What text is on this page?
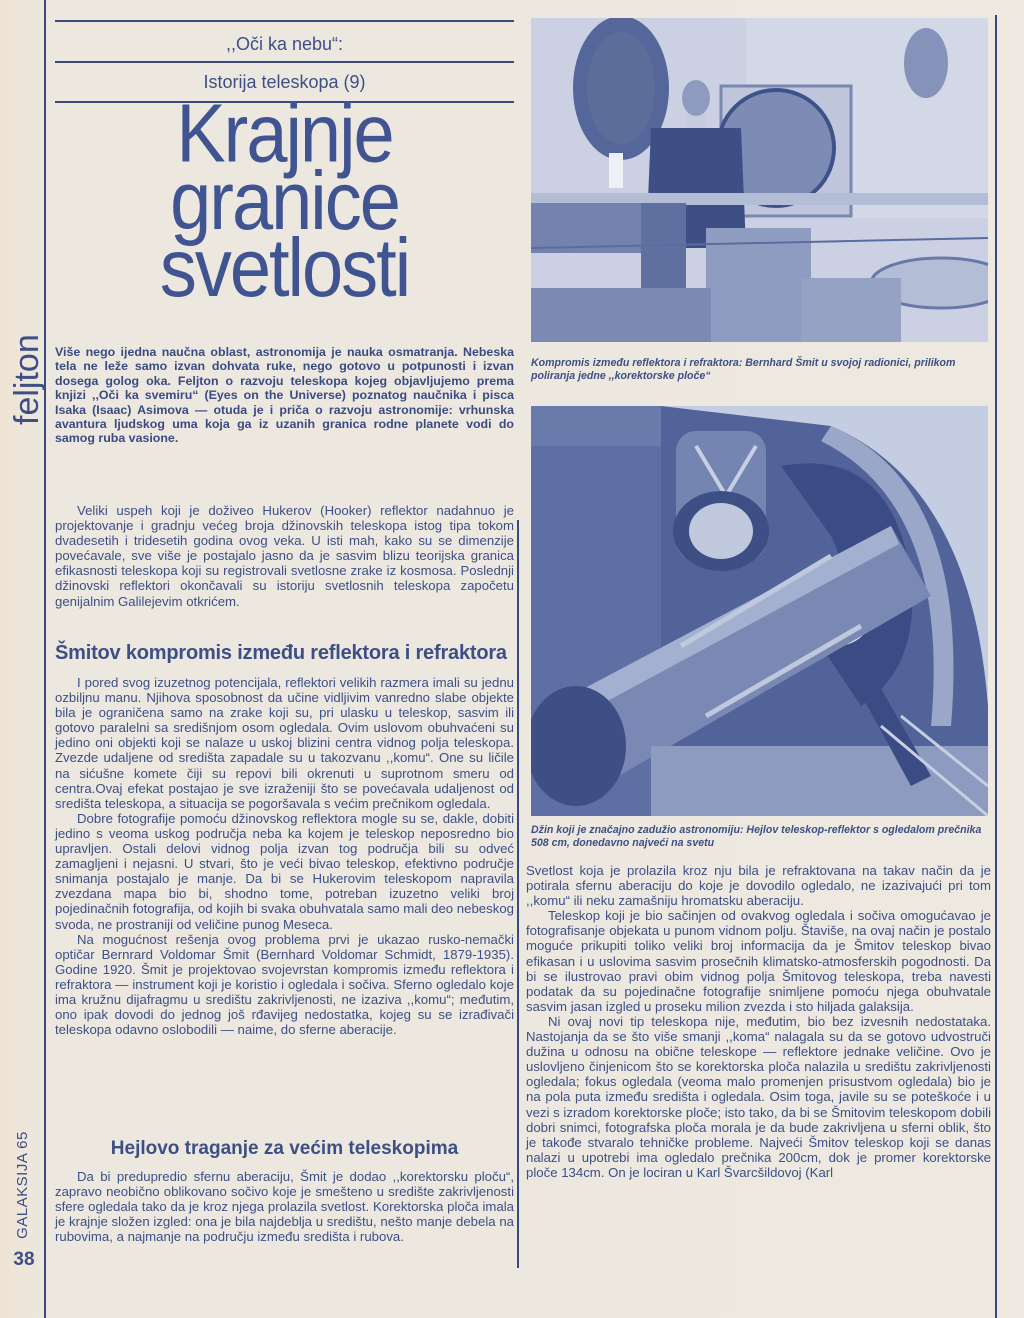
feljton
GALAKSIJA 65
38
,,Oči ka nebu“:
Istorija teleskopa (9)
Krajnje
granice
svetlosti

Više nego ijedna naučna oblast, astronomija je nauka osmatranja. Nebeska tela ne leže samo izvan dohvata ruke, nego gotovo u potpunosti i izvan dosega golog oka. Feljton o razvoju teleskopa kojeg objavljujemo prema knjizi ,,Oči ka svemiru“ (Eyes on the Universe) poznatog naučnika i pisca Isaka (Isaac) Asimova — otuda je i priča o razvoju astronomije: vrhunska avantura ljudskog uma koja ga iz uzanih granica rodne planete vodi do samog ruba vasione.

Veliki uspeh koji je doživeo Hukerov (Hooker) reflektor nadahnuo je projektovanje i gradnju većeg broja džinovskih teleskopa istog tipa tokom dvadesetih i tridesetih godina ovog veka. U isti mah, kako su se dimenzije povećavale, sve više je postajalo jasno da je sasvim blizu teorijska granica efikasnosti teleskopa koji su registrovali svetlosne zrake iz kosmosa. Poslednji džinovski reflektori okončavali su istoriju svetlosnih teleskopa započetu genijalnim Galilejevim otkrićem.

Šmitov kompromis između reflektora i refraktora

I pored svog izuzetnog potencijala, reflektori velikih razmera imali su jednu ozbiljnu manu. Njihova sposobnost da učine vidljivim vanredno slabe objekte bila je ograničena samo na zrake koji su, pri ulasku u teleskop, sasvim ili gotovo paralelni sa središnjom osom ogledala. Ovim uslovom obuhvaćeni su jedino oni objekti koji se nalaze u uskoj blizini centra vidnog polja teleskopa. Zvezde udaljene od središta zapadale su u takozvanu ,,komu“. One su ličile na sićušne komete čiji su repovi bili okrenuti u suprotnom smeru od centra.Ovaj efekat postajao je sve izraženiji što se povećavala udaljenost od središta teleskopa, a situacija se pogoršavala s većim prečnikom ogledala.

Dobre fotografije pomoću džinovskog reflektora mogle su se, dakle, dobiti jedino s veoma uskog područja neba ka kojem je teleskop neposredno bio upravljen. Ostali delovi vidnog polja izvan tog područja bili su odveć zamagljeni i nejasni. U stvari, što je veći bivao teleskop, efektivno područje snimanja postajalo je manje. Da bi se Hukerovim teleskopom napravila zvezdana mapa bio bi, shodno tome, potreban izuzetno veliki broj pojedinačnih fotografija, od kojih bi svaka obuhvatala samo mali deo nebeskog svoda, ne prostraniji od veličine punog Meseca.

Na mogućnost rešenja ovog problema prvi je ukazao rusko-nemački optičar Bernrard Voldomar Šmit (Bernhard Voldomar Schmidt, 1879-1935). Godine 1920. Šmit je projektovao svojevrstan kompromis između reflektora i refraktora — instrument koji je koristio i ogledala i sočiva. Sferno ogledalo koje ima kružnu dijafragmu u središtu zakrivljenosti, ne izaziva ,,komu“; međutim, ono ipak dovodi do jednog još rđavijeg nedostatka, kojeg su se izrađivači teleskopa odavno oslobodili — naime, do sferne aberacije.

Hejlovo traganje za većim teleskopima

Da bi predupredio sfernu aberaciju, Šmit je dodao ,,korektorsku ploču“, zapravo neobično oblikovano sočivo koje je smešteno u središte zakrivljenosti sfere ogledala tako da je kroz njega prolazila svetlost. Korektorska ploča imala je krajnje složen izgled: ona je bila najdeblja u središtu, nešto manje debela na rubovima, a najmanje na području između središta i rubova.

Kompromis između reflektora i refraktora: Bernhard Šmit u svojoj radionici, prilikom poliranja jedne ,,korektorske ploče“
Džin koji je značajno zadužio astronomiju: Hejlov teleskop-reflektor s ogledalom prečnika 508 cm, donedavno najveći na svetu

Svetlost koja je prolazila kroz nju bila je refraktovana na takav način da je potirala sfernu aberaciju do koje je dovodilo ogledalo, ne izazivajući pri tom ,,komu“ ili neku zamašniju hromatsku aberaciju.

Teleskop koji je bio sačinjen od ovakvog ogledala i sočiva omogućavao je fotografisanje objekata u punom vidnom polju. Štaviše, na ovaj način je postalo moguće prikupiti toliko veliki broj informacija da je Šmitov teleskop bivao efikasan i u uslovima sasvim prosečnih klimatsko-atmosferskih pogodnosti. Da bi se ilustrovao pravi obim vidnog polja Šmitovog teleskopa, treba navesti podatak da su pojedinačne fotografije snimljene pomoću njega obuhvatale sasvim jasan izgled u proseku milion zvezda i sto hiljada galaksija.

Ni ovaj novi tip teleskopa nije, međutim, bio bez izvesnih nedostataka. Nastojanja da se što više smanji ,,koma“ nalagala su da se gotovo udvostruči dužina u odnosu na obične teleskope — reflektore jednake veličine. Ovo je uslovljeno činjenicom što se korektorska ploča nalazila u središtu zakrivljenosti ogledala; fokus ogledala (veoma malo promenjen prisustvom ogledala) bio je na pola puta između središta i ogledala. Osim toga, javile su se poteškoće i u vezi s izradom korektorske ploče; isto tako, da bi se Šmitovim teleskopom dobili dobri snimci, fotografska ploča morala je da bude zakrivljena u sferni oblik, što je takođe stvaralo tehničke probleme. Najveći Šmitov teleskop koji se danas nalazi u upotrebi ima ogledalo prečnika 200cm, dok je promer korektorske ploče 134cm. On je lociran u Karl Švarcšildovoj (Karl
